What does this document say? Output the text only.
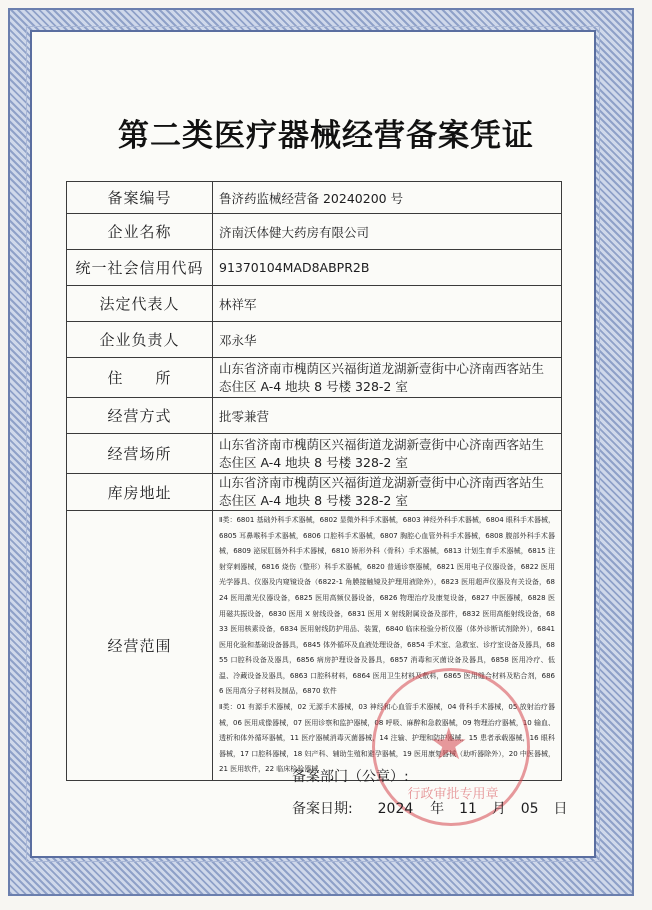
第二类医疗器械经营备案凭证
备案编号	鲁济药监械经营备 20240200 号
企业名称	济南沃体健大药房有限公司
统一社会信用代码	91370104MAD8ABPR2B
法定代表人	林祥军
企业负责人	邓永华
住　　所	山东省济南市槐荫区兴福街道龙湖新壹街中心济南西客站生态住区 A-4 地块 8 号楼 328-2 室
经营方式	批零兼营
经营场所	山东省济南市槐荫区兴福街道龙湖新壹街中心济南西客站生态住区 A-4 地块 8 号楼 328-2 室
库房地址	山东省济南市槐荫区兴福街道龙湖新壹街中心济南西客站生态住区 A-4 地块 8 号楼 328-2 室
经营范围	Ⅱ类：6801 基础外科手术器械，6802 显微外科手术器械，6803 神经外科手术器械，6804 眼科手术器械，6805 耳鼻喉科手术器械，6806 口腔科手术器械，6807 胸腔心血管外科手术器械，6808 腹部外科手术器械，6809 泌尿肛肠外科手术器械，6810 矫形外科（骨科）手术器械，6813 计划生育手术器械，6815 注射穿刺器械，6816 烧伤（整形）科手术器械，6820 普通诊察器械，6821 医用电子仪器设备，6822 医用光学器具、仪器及内窥镜设备（6822-1 角膜接触镜及护理用液除外），6823 医用超声仪器及有关设备，6824 医用激光仪器设备，6825 医用高频仪器设备，6826 物理治疗及康复设备，6827 中医器械，6828 医用磁共振设备，6830 医用 X 射线设备，6831 医用 X 射线附属设备及部件，6832 医用高能射线设备，6833 医用核素设备，6834 医用射线防护用品、装置，6840 临床检验分析仪器（体外诊断试剂除外），6841 医用化验和基础设备器具，6845 体外循环及血液处理设备，6854 手术室、急救室、诊疗室设备及器具，6855 口腔科设备及器具，6856 病房护理设备及器具，6857 消毒和灭菌设备及器具，6858 医用冷疗、低温、冷藏设备及器具，6863 口腔科材料，6864 医用卫生材料及敷料，6865 医用缝合材料及粘合剂，6866 医用高分子材料及制品，6870 软件

Ⅱ类：01 有源手术器械，02 无源手术器械，03 神经和心血管手术器械，04 骨科手术器械，05 放射治疗器械，06 医用成像器械，07 医用诊察和监护器械，08 呼吸、麻醉和急救器械，09 物理治疗器械，10 输血、透析和体外循环器械，11 医疗器械消毒灭菌器械，14 注输、护理和防护器械，15 患者承载器械，16 眼科器械，17 口腔科器械，18 妇产科、辅助生殖和避孕器械，19 医用康复器械（助听器除外），20 中医器械，21 医用软件，22 临床检验器械	★
行政审批专用章
备案部门（公章）:
备案日期: 2024 年 11 月 05 日
